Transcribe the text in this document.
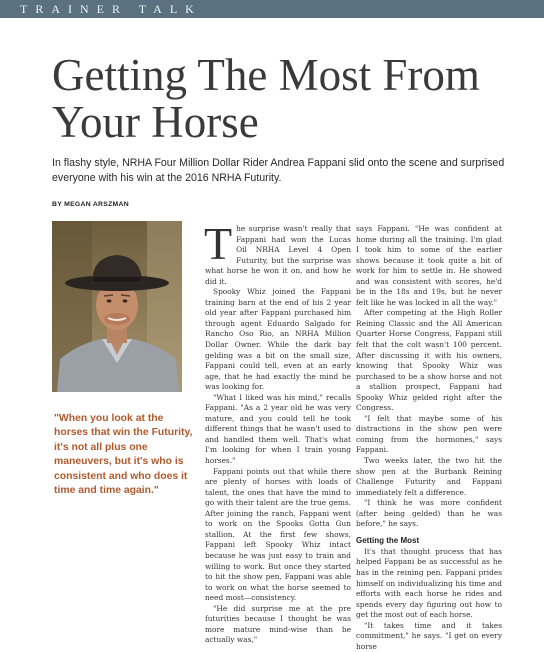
TRAINER TALK
Getting The Most From Your Horse

In flashy style, NRHA Four Million Dollar Rider Andrea Fappani slid onto the scene and surprised everyone with his win at the 2016 NRHA Futurity.

BY MEGAN ARSZMAN

"When you look at the horses that win the Futurity, it's not all plus one maneuvers, but it's who is consistent and who does it time and time again."

The surprise wasn't really that Fappani had won the Lucas Oil NRHA Level 4 Open Futurity, but the surprise was what horse he won it on, and how he did it.

Spooky Whiz joined the Fappani training barn at the end of his 2 year old year after Fappani purchased him through agent Eduardo Salgado for Rancho Oso Rio, an NRHA Million Dollar Owner. While the dark bay gelding was a bit on the small size, Fappani could tell, even at an early age, that he had exactly the mind he was looking for.

"What I liked was his mind," recalls Fappani. "As a 2 year old he was very mature, and you could tell he took different things that he wasn't used to and handled them well. That's what I'm looking for when I train young horses."

Fappani points out that while there are plenty of horses with loads of talent, the ones that have the mind to go with their talent are the true gems. After joining the ranch, Fappani went to work on the Spooks Gotta Gun stallion. At the first few shows, Fappani left Spooky Whiz intact because he was just easy to train and willing to work. But once they started to hit the show pen, Fappani was able to work on what the horse seemed to need most—consistency.

"He did surprise me at the pre futurities because I thought he was more mature mind-wise than he actually was,"

says Fappani. "He was confident at home during all the training. I'm glad I took him to some of the earlier shows because it took quite a bit of work for him to settle in. He showed and was consistent with scores, he'd be in the 18s and 19s, but he never felt like he was locked in all the way."

After competing at the High Roller Reining Classic and the All American Quarter Horse Congress, Fappani still felt that the colt wasn't 100 percent. After discussing it with his owners, knowing that Spooky Whiz was purchased to be a show horse and not a stallion prospect, Fappani had Spooky Whiz gelded right after the Congress.

"I felt that maybe some of his distractions in the show pen were coming from the hormones," says Fappani.

Two weeks later, the two hit the show pen at the Burbank Reining Challenge Futurity and Fappani immediately felt a difference.

"I think he was more confident (after being gelded) than he was before," he says.

Getting the Most

It's that thought process that has helped Fappani be as successful as he has in the reining pen. Fappani prides himself on individualizing his time and efforts with each horse he rides and spends every day figuring out how to get the most out of each horse.

"It takes time and it takes commitment," he says. "I get on every horse
